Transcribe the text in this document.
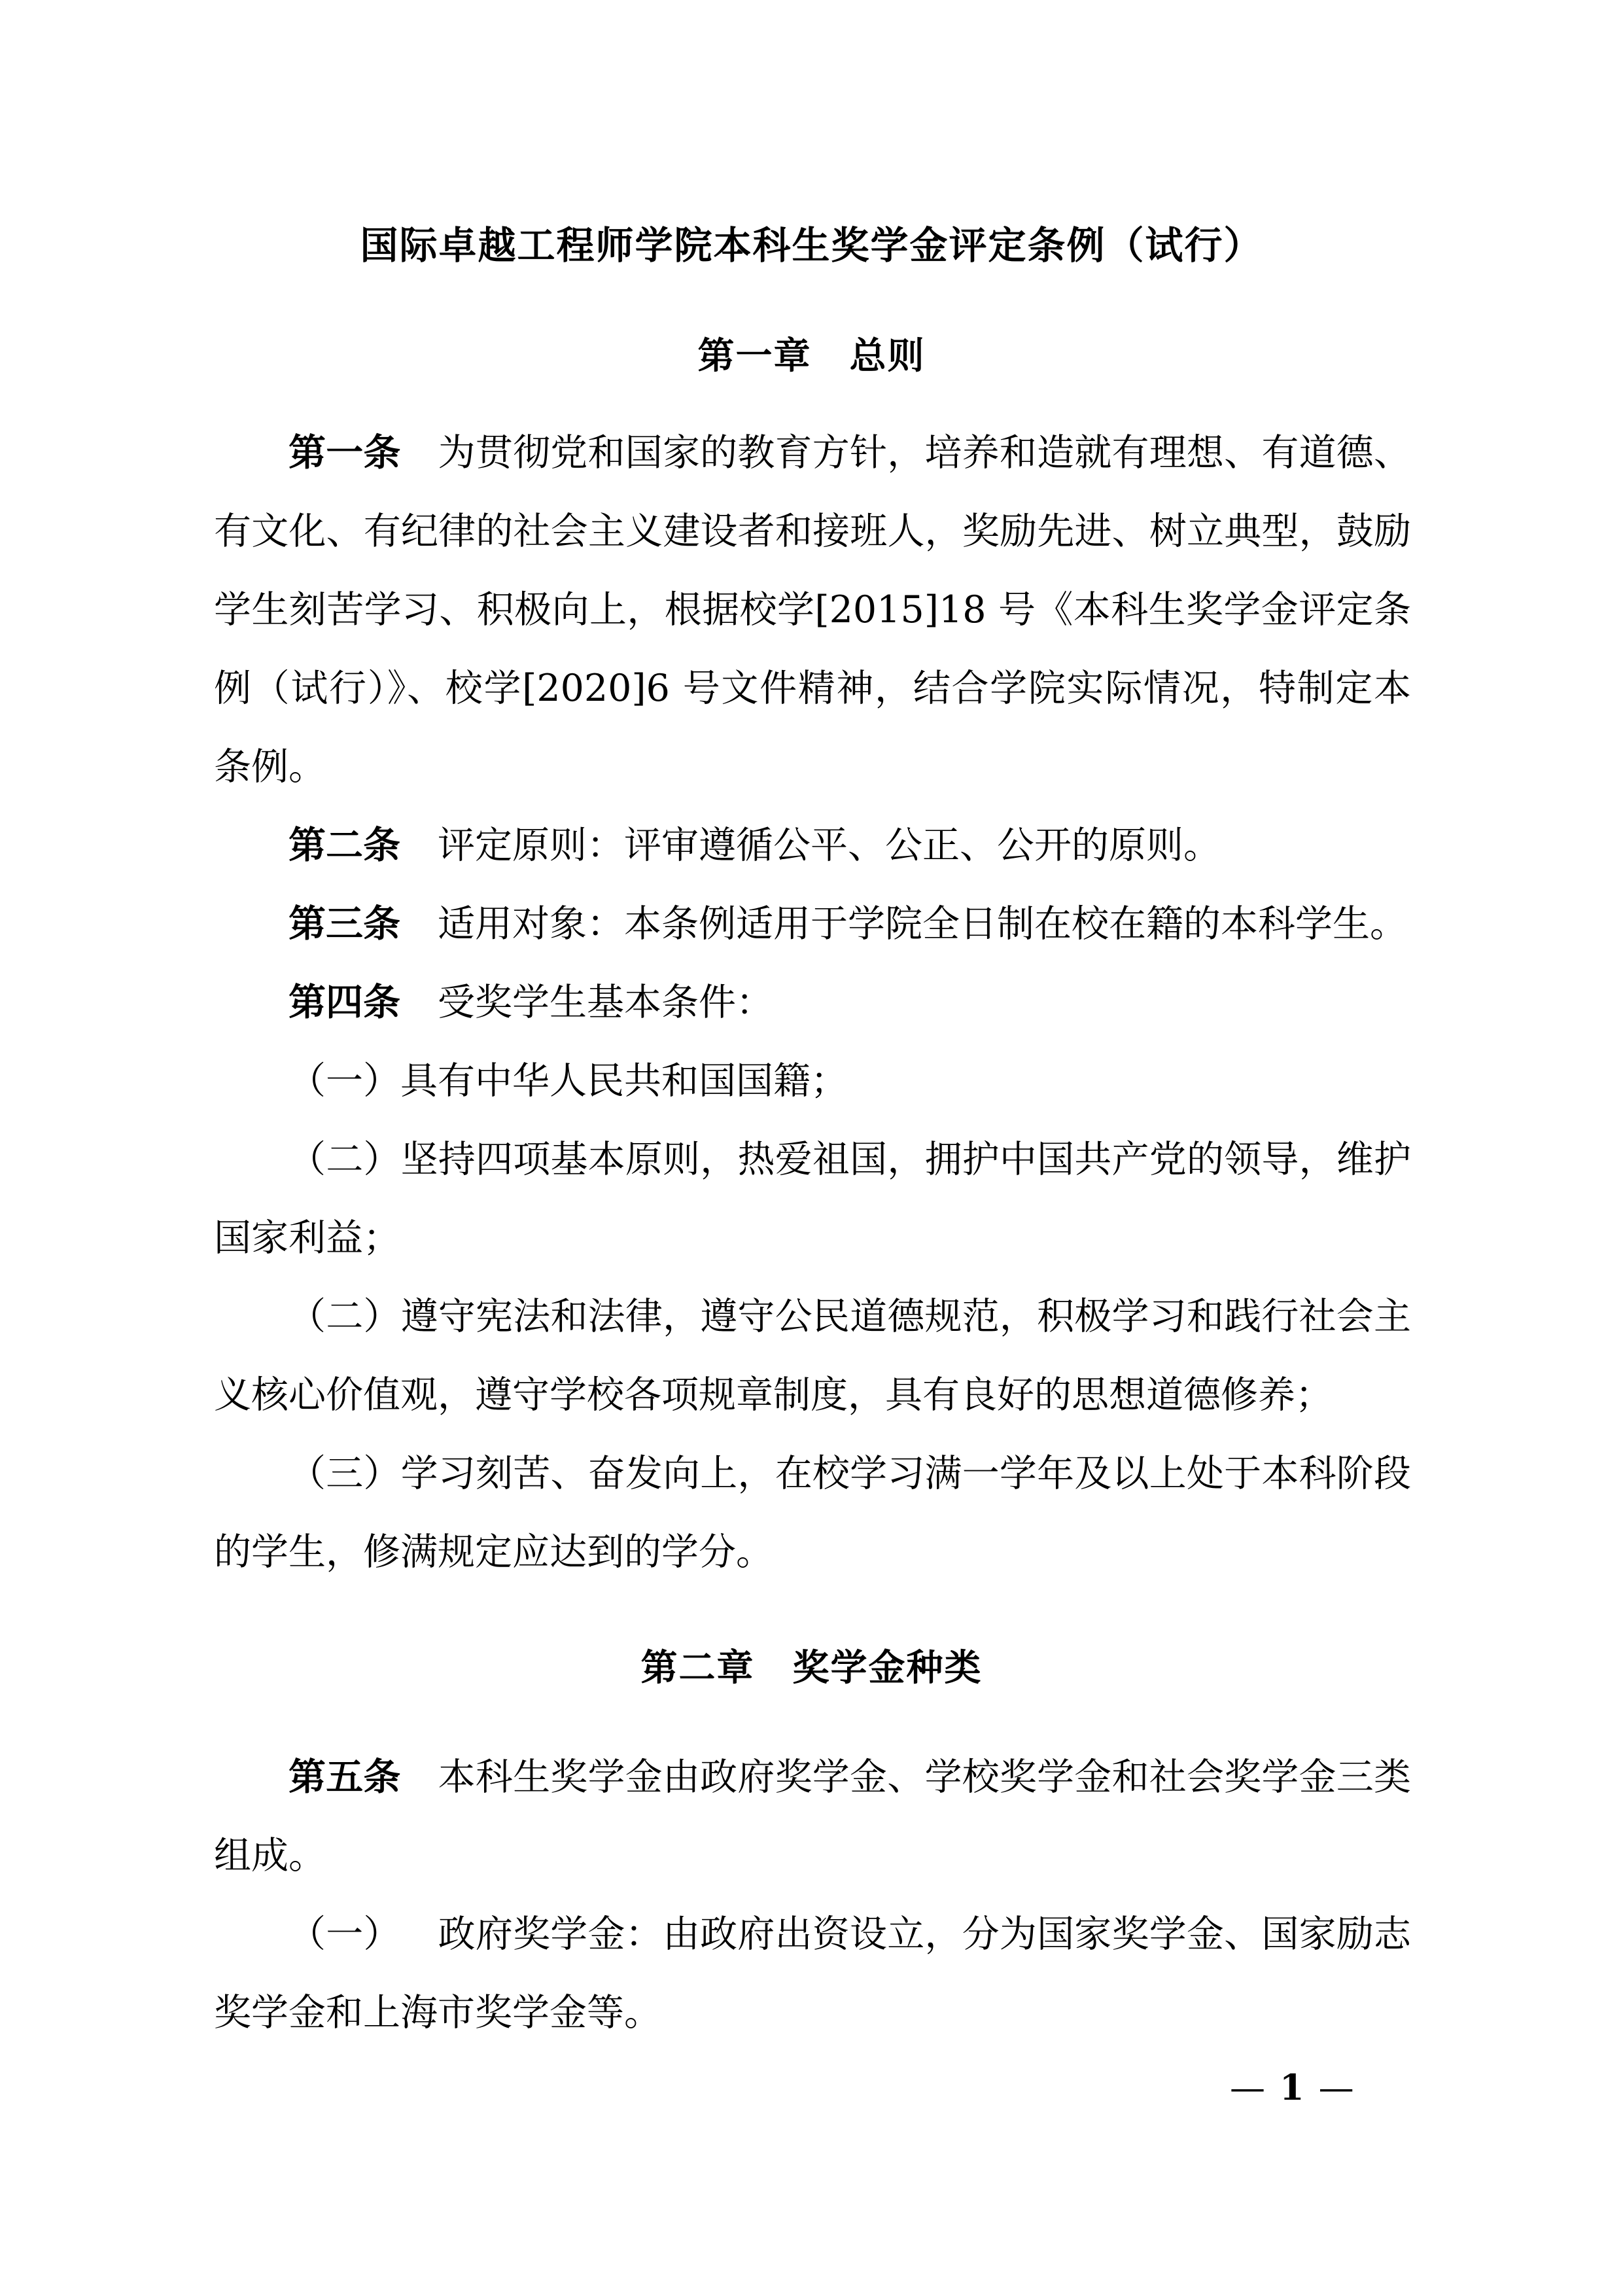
国际卓越工程师学院本科生奖学金评定条例（试行）
第一章　总则

第一条 为贯彻党和国家的教育方针，培养和造就有理想、有道德、有文化、有纪律的社会主义建设者和接班人，奖励先进、树立典型，鼓励学生刻苦学习、积极向上，根据校学[2015]18 号《本科生奖学金评定条例（试行）》、校学[2020]6 号文件精神，结合学院实际情况，特制定本条例。

第二条 评定原则：评审遵循公平、公正、公开的原则。

第三条 适用对象：本条例适用于学院全日制在校在籍的本科学生。

第四条 受奖学生基本条件：

（一）具有中华人民共和国国籍；

（二）坚持四项基本原则，热爱祖国，拥护中国共产党的领导，维护国家利益；

（二）遵守宪法和法律，遵守公民道德规范，积极学习和践行社会主义核心价值观，遵守学校各项规章制度，具有良好的思想道德修养；

（三）学习刻苦、奋发向上，在校学习满一学年及以上处于本科阶段的学生，修满规定应达到的学分。

第二章　奖学金种类

第五条 本科生奖学金由政府奖学金、学校奖学金和社会奖学金三类组成。

（一） 政府奖学金：由政府出资设立，分为国家奖学金、国家励志奖学金和上海市奖学金等。

— 1 —
